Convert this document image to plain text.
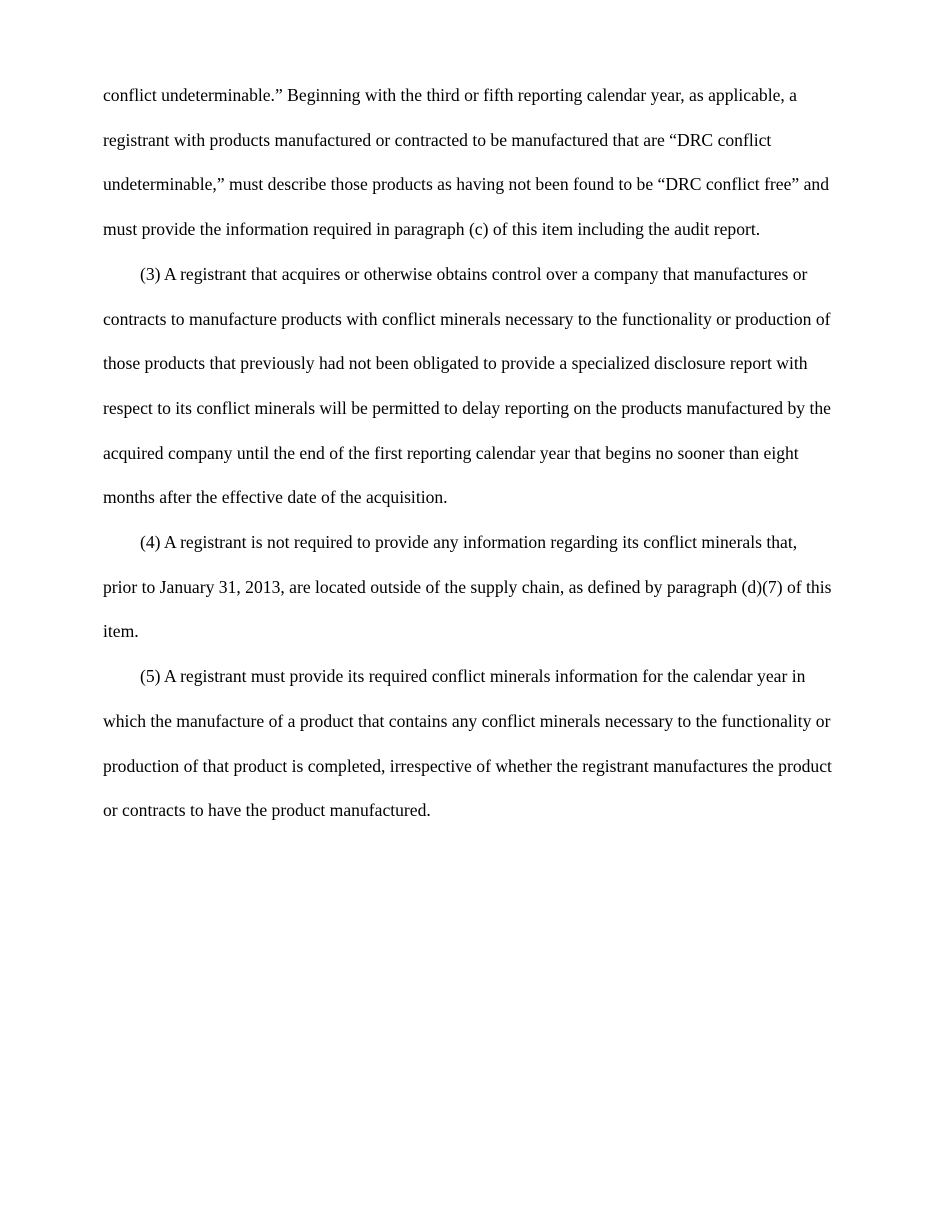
conflict undeterminable.” Beginning with the third or fifth reporting calendar year, as applicable, a registrant with products manufactured or contracted to be manufactured that are “DRC conflict undeterminable,” must describe those products as having not been found to be “DRC conflict free” and must provide the information required in paragraph (c) of this item including the audit report.

(3) A registrant that acquires or otherwise obtains control over a company that manufactures or contracts to manufacture products with conflict minerals necessary to the functionality or production of those products that previously had not been obligated to provide a specialized disclosure report with respect to its conflict minerals will be permitted to delay reporting on the products manufactured by the acquired company until the end of the first reporting calendar year that begins no sooner than eight months after the effective date of the acquisition.

(4) A registrant is not required to provide any information regarding its conflict minerals that, prior to January 31, 2013, are located outside of the supply chain, as defined by paragraph (d)(7) of this item.

(5) A registrant must provide its required conflict minerals information for the calendar year in which the manufacture of a product that contains any conflict minerals necessary to the functionality or production of that product is completed, irrespective of whether the registrant manufactures the product or contracts to have the product manufactured.
